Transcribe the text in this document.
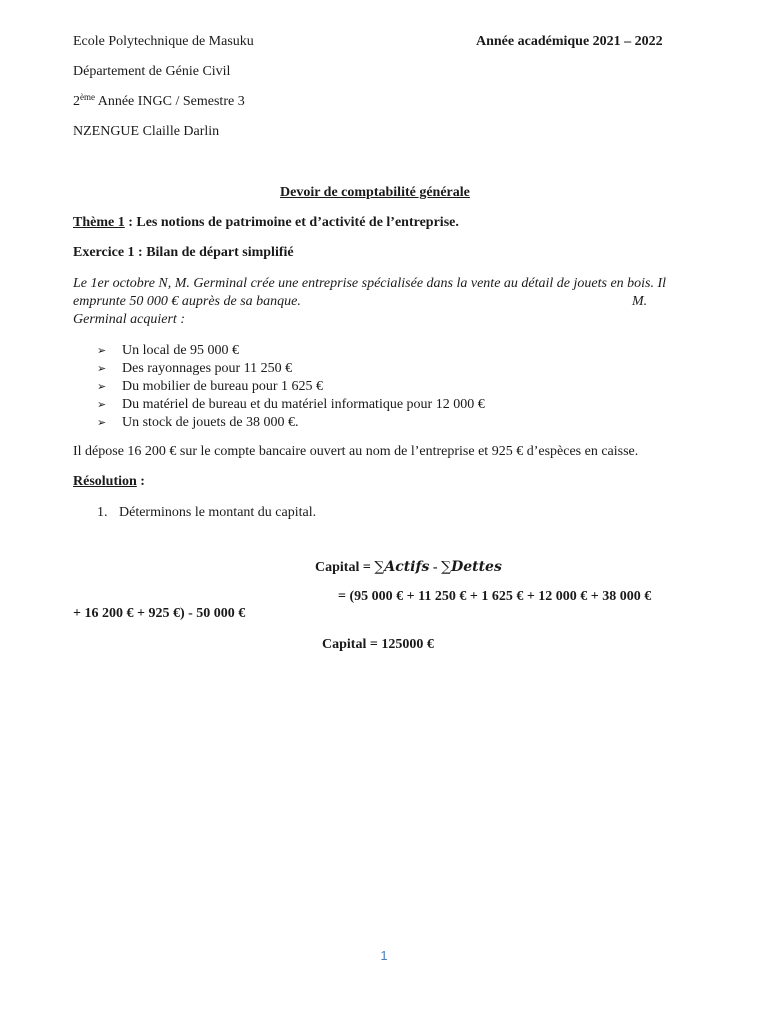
Ecole Polytechnique de Masuku	Année académique 2021 – 2022
Département de Génie Civil
2ème Année INGC / Semestre 3
NZENGUE Claille Darlin
Devoir de comptabilité générale
Thème 1 : Les notions de patrimoine et d’activité de l’entreprise.
Exercice 1 : Bilan de départ simplifié
Le 1er octobre N, M. Germinal crée une entreprise spécialisée dans la vente au détail de jouets en bois. Il
emprunte 50 000 € auprès de sa banque.	M.
Germinal acquiert :
➢ Un local de 95 000 €
➢ Des rayonnages pour 11 250 €
➢ Du mobilier de bureau pour 1 625 €
➢ Du matériel de bureau et du matériel informatique pour 12 000 €
➢ Un stock de jouets de 38 000 €.
Il dépose 16 200 € sur le compte bancaire ouvert au nom de l’entreprise et 925 € d’espèces en caisse.
Résolution :
1. Déterminons le montant du capital.
Capital = ∑Actifs - ∑Dettes
= (95 000 € + 11 250 € + 1 625 € + 12 000 € + 38 000 €
+ 16 200 € + 925 €) - 50 000 €
Capital = 125000 €
1
